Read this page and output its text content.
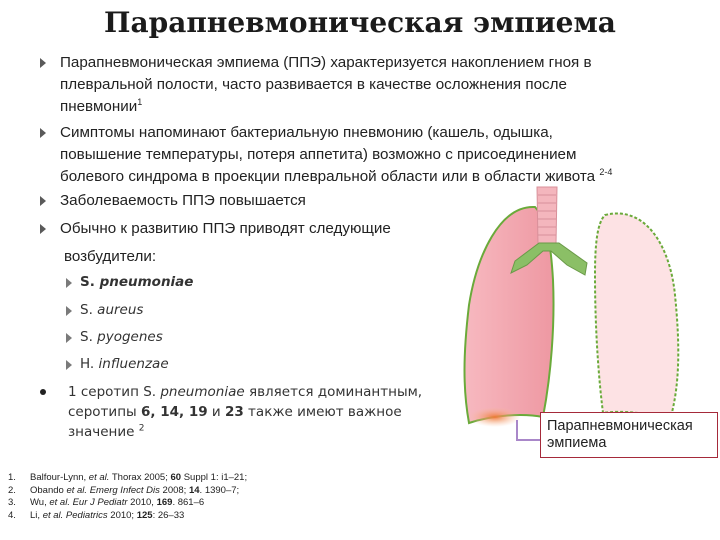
Парапневмоническая эмпиема
Парапневмоническая эмпиема (ППЭ) характеризуется накоплением гноя в
плевральной полости, часто развивается в качестве осложнения после
пневмонии$^1$
Симптомы напоминают бактериальную пневмонию (кашель, одышка,
повышение температуры, потеря аппетита) возможно с присоединением
болевого синдрома в проекции плевральной области или в области живота $^{2-4}$
Заболеваемость ППЭ повышается
Обычно к развитию ППЭ приводят следующие
возбудители:
S. pneumoniae
S. aureus
S. pyogenes
H. influenzae
1 серотип S. pneumoniae является доминантным,
серотипы 6, 14, 19 и 23 также имеют важное
значение $^2$	Парапневмоническая
эмпиема
1. Balfour-Lynn, et al. Thorax 2005; 60 Suppl 1: i1–21;
2. Obando et al. Emerg Infect Dis 2008; 14. 1390–7;
3. Wu, et al. Eur J Pediatr 2010, 169. 861–6
4. Li, et al. Pediatrics 2010; 125: 26–33
